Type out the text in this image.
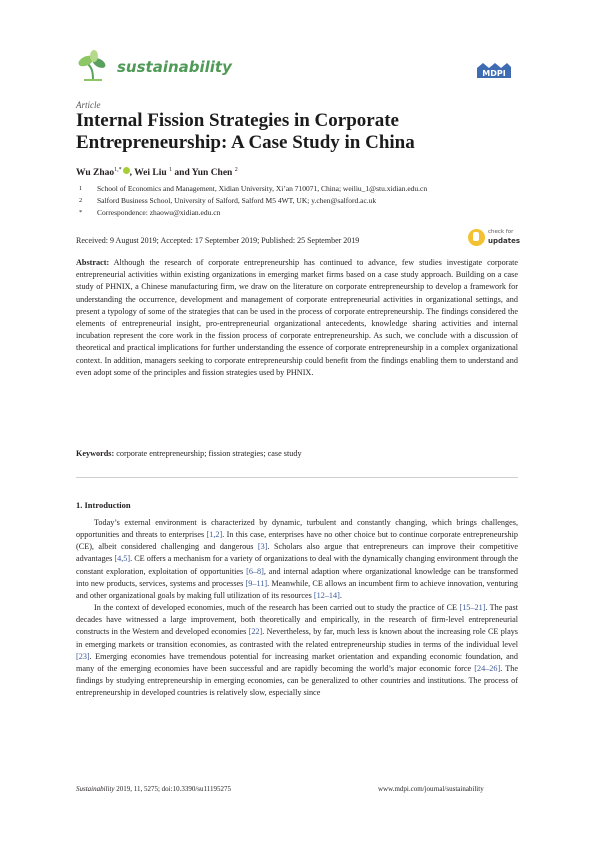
sustainability	MDPI
Article
Internal Fission Strategies in Corporate Entrepreneurship: A Case Study in China
Wu Zhao$^{1,*}$ , Wei Liu $^1$ and Yun Chen $^2$
1	School of Economics and Management, Xidian University, Xi’an 710071, China; weiliu_1@stu.xidian.edu.cn
2	Salford Business School, University of Salford, Salford M5 4WT, UK; y.chen@salford.ac.uk
*	Correspondence: zhaowu@xidian.edu.cn
check for
updates
Received: 9 August 2019; Accepted: 17 September 2019; Published: 25 September 2019
Abstract: Although the research of corporate entrepreneurship has continued to advance, few studies investigate corporate entrepreneurial activities within existing organizations in emerging market firms based on a case study approach. Building on a case study of PHNIX, a Chinese manufacturing firm, we draw on the literature on corporate entrepreneurship to develop a framework for understanding the occurrence, development and management of corporate entrepreneurial activities in organizational settings, and present a typology of some of the strategies that can be used in the process of corporate entrepreneurship. The findings considered the elements of entrepreneurial insight, pro-entrepreneurial organizational antecedents, knowledge sharing activities and internal incubation represent the core work in the fission process of corporate entrepreneurship. As such, we conclude with a discussion of theoretical and practical implications for further understanding the essence of corporate entrepreneurship in a complex organizational context. In addition, managers seeking to corporate entrepreneurship could benefit from the findings enabling them to understand and even adopt some of the principles and fission strategies used by PHNIX.
Keywords: corporate entrepreneurship; fission strategies; case study
1. Introduction

Today’s external environment is characterized by dynamic, turbulent and constantly changing, which brings challenges, opportunities and threats to enterprises [1,2]. In this case, enterprises have no other choice but to continue corporate entrepreneurship (CE), albeit considered challenging and dangerous [3]. Scholars also argue that entrepreneurs can improve their competitive advantages [4,5]. CE offers a mechanism for a variety of organizations to deal with the dynamically changing environment through the constant exploration, exploitation of opportunities [6–8], and internal adaption where organizational knowledge can be transformed into new products, services, systems and processes [9–11]. Meanwhile, CE allows an incumbent firm to achieve innovation, venturing and other organizational goals by making full utilization of its resources [12–14].

In the context of developed economies, much of the research has been carried out to study the practice of CE [15–21]. The past decades have witnessed a large improvement, both theoretically and empirically, in the research of firm-level entrepreneurial constructs in the Western and developed economies [22]. Nevertheless, by far, much less is known about the increasing role CE plays in emerging markets or transition economies, as contrasted with the related entrepreneurship studies in terms of the individual level [23]. Emerging economies have tremendous potential for increasing market orientation and expanding economic foundation, and many of the emerging economies have been successful and are rapidly becoming the world’s major economic force [24–26]. The findings by studying entrepreneurship in emerging economies, can be generalized to other countries and institutions. The process of entrepreneurship in developed countries is relatively slow, especially since

Sustainability 2019, 11, 5275; doi:10.3390/su11195275	www.mdpi.com/journal/sustainability
